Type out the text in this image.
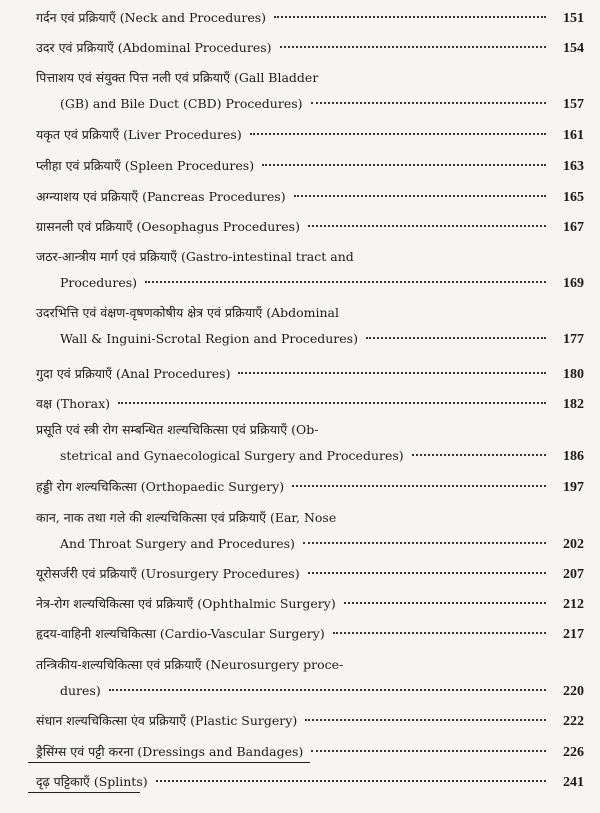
गर्दन एवं प्रक्रियाएँ (Neck and Procedures)	151
उदर एवं प्रक्रियाएँ (Abdominal Procedures)	154
पित्ताशय एवं संयुक्त पित्त नली एवं प्रक्रियाएँ (Gall Bladder
(GB) and Bile Duct (CBD) Procedures)	157
यकृत एवं प्रक्रियाएँ (Liver Procedures)	161
प्लीहा एवं प्रक्रियाएँ (Spleen Procedures)	163
अग्न्याशय एवं प्रक्रियाएँ (Pancreas Procedures)	165
ग्रासनली एवं प्रक्रियाएँ (Oesophagus Procedures)	167
जठर-आन्त्रीय मार्ग एवं प्रक्रियाएँ (Gastro-intestinal tract and
Procedures)	169
उदरभित्ति एवं वंक्षण-वृषणकोषीय क्षेत्र एवं प्रक्रियाएँ (Abdominal
Wall & Inguini-Scrotal Region and Procedures)	177
गुदा एवं प्रक्रियाएँ (Anal Procedures)	180
वक्ष (Thorax)	182
प्रसूति एवं स्त्री रोग सम्बन्धित शल्यचिकित्सा एवं प्रक्रियाएँ (Ob-
stetrical and Gynaecological Surgery and Procedures)	186
हड्डी रोग शल्यचिकित्सा (Orthopaedic Surgery)	197
कान, नाक तथा गले की शल्यचिकित्सा एवं प्रक्रियाएँ (Ear, Nose
And Throat Surgery and Procedures)	202
यूरोसर्जरी एवं प्रक्रियाएँ (Urosurgery Procedures)	207
नेत्र-रोग शल्यचिकित्सा एवं प्रक्रियाएँ (Ophthalmic Surgery)	212
हृदय-वाहिनी शल्यचिकित्सा (Cardio-Vascular Surgery)	217
तन्त्रिकीय-शल्यचिकित्सा एवं प्रक्रियाएँ (Neurosurgery proce-
dures)	220
संधान शल्यचिकित्सा एंव प्रक्रियाएँ (Plastic Surgery)	222
ड्रैसिंग्स एवं पट्टी करना (Dressings and Bandages)	226
दृढ़ पट्टिकाएँ (Splints)	241
